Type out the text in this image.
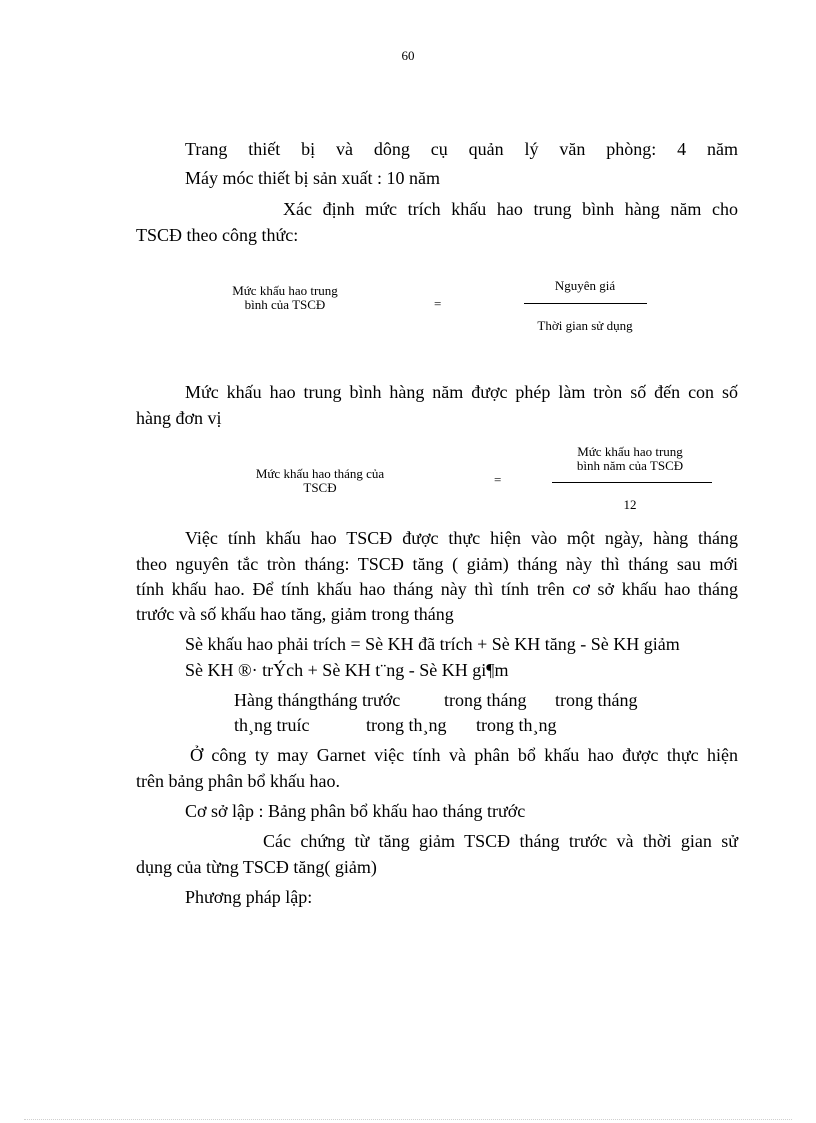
60
Trang thiết bị và dông cụ quản lý văn phòng: 4 năm
Máy móc thiết bị sản xuất : 10 năm
Xác định mức trích khấu hao trung bình hàng năm cho
TSCĐ theo công thức:
Mức khấu hao trung
bình của TSCĐ	=
Nguyên giá
Thời gian sử dụng
Mức khấu hao trung bình hàng năm được phép làm tròn số đến con số
hàng đơn vị
Mức khấu hao tháng của
TSCĐ
=
Mức khấu hao trung
bình năm của TSCĐ
12
Việc tính khấu hao TSCĐ được thực hiện vào một ngày, hàng tháng
theo nguyên tắc tròn tháng: TSCĐ tăng ( giảm) tháng này thì tháng sau mới
tính khấu hao. Để tính khấu hao tháng này thì tính trên cơ sở khấu hao tháng
trước và số khấu hao tăng, giảm trong tháng
Sè khấu hao phải trích = Sè KH đã trích + Sè KH tăng - Sè KH giảm
Sè KH ®· trÝch + Sè KH t¨ng - Sè KH gi¶m
Hàng thángtháng trước trong tháng trong tháng
th¸ng truíc	trong th¸ng trong th¸ng
Ở công ty may Garnet việc tính và phân bổ khấu hao được thực hiện
trên bảng phân bổ khấu hao.
Cơ sở lập : Bảng phân bổ khấu hao tháng trước
Các chứng từ tăng giảm TSCĐ tháng trước và thời gian sử
dụng của từng TSCĐ tăng( giảm)
Phương pháp lập:
